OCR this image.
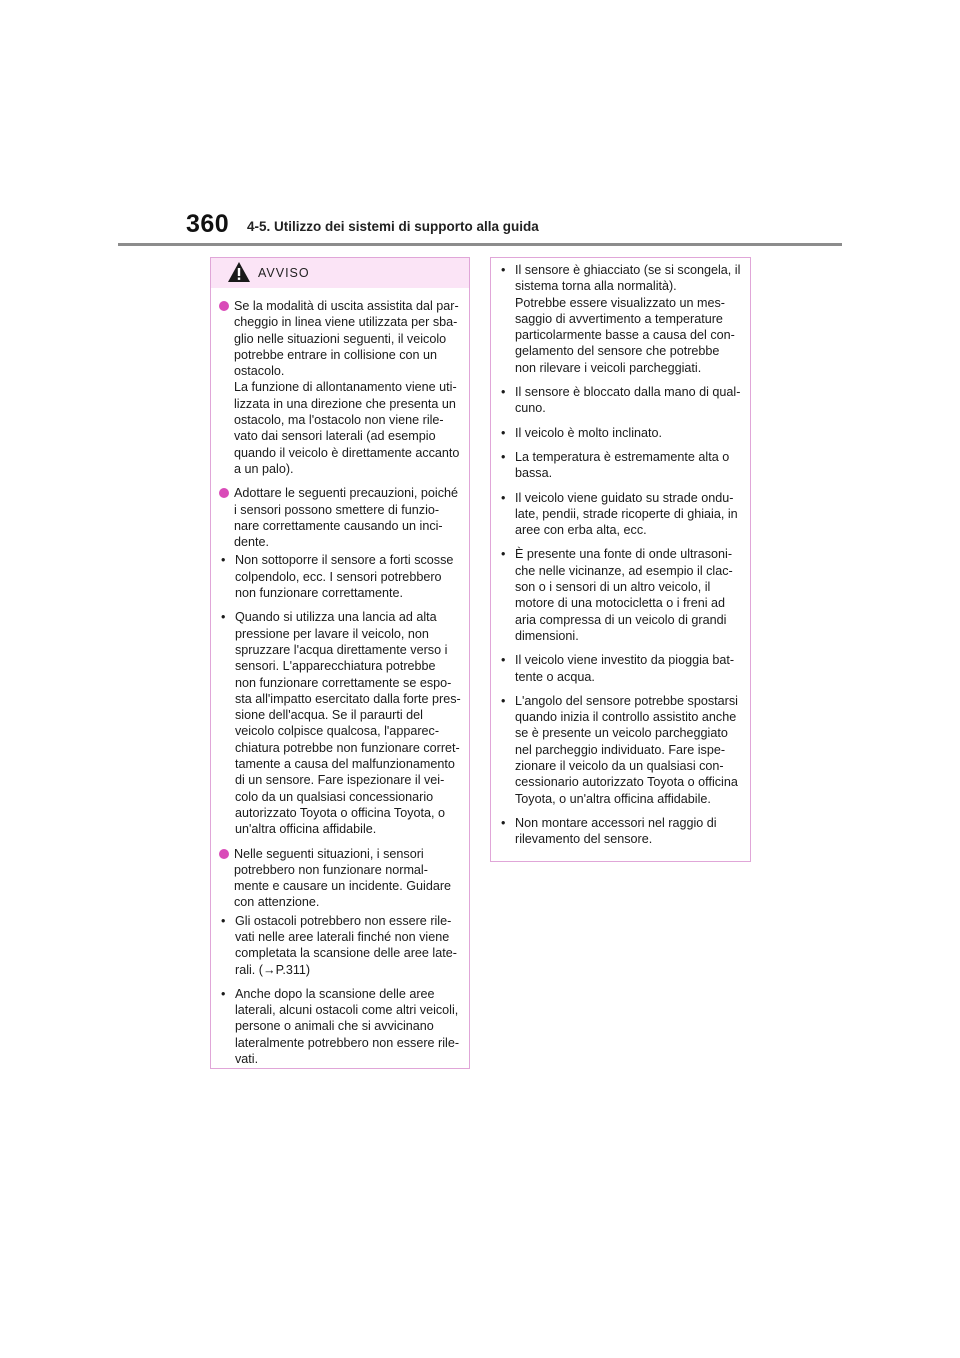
360 4-5. Utilizzo dei sistemi di supporto alla guida
AVVISO
Se la modalità di uscita assistita dal par-
cheggio in linea viene utilizzata per sba-
glio nelle situazioni seguenti, il veicolo
potrebbe entrare in collisione con un
ostacolo.
La funzione di allontanamento viene uti-
lizzata in una direzione che presenta un
ostacolo, ma l'ostacolo non viene rile-
vato dai sensori laterali (ad esempio
quando il veicolo è direttamente accanto
a un palo).
Adottare le seguenti precauzioni, poiché
i sensori possono smettere di funzio-
nare correttamente causando un inci-
dente.
• Non sottoporre il sensore a forti scosse
colpendolo, ecc. I sensori potrebbero
non funzionare correttamente.
• Quando si utilizza una lancia ad alta
pressione per lavare il veicolo, non
spruzzare l'acqua direttamente verso i
sensori. L'apparecchiatura potrebbe
non funzionare correttamente se espo-
sta all'impatto esercitato dalla forte pres-
sione dell'acqua. Se il paraurti del
veicolo colpisce qualcosa, l'apparec-
chiatura potrebbe non funzionare corret-
tamente a causa del malfunzionamento
di un sensore. Fare ispezionare il vei-
colo da un qualsiasi concessionario
autorizzato Toyota o officina Toyota, o
un'altra officina affidabile.
Nelle seguenti situazioni, i sensori
potrebbero non funzionare normal-
mente e causare un incidente. Guidare
con attenzione.
• Gli ostacoli potrebbero non essere rile-
vati nelle aree laterali finché non viene
completata la scansione delle aree late-
rali. (→P.311)
• Anche dopo la scansione delle aree
laterali, alcuni ostacoli come altri veicoli,
persone o animali che si avvicinano
lateralmente potrebbero non essere rile-
vati.
• Il sensore è ghiacciato (se si scongela, il
sistema torna alla normalità).
Potrebbe essere visualizzato un mes-
saggio di avvertimento a temperature
particolarmente basse a causa del con-
gelamento del sensore che potrebbe
non rilevare i veicoli parcheggiati.
• Il sensore è bloccato dalla mano di qual-
cuno.
• Il veicolo è molto inclinato.
• La temperatura è estremamente alta o
bassa.
• Il veicolo viene guidato su strade ondu-
late, pendii, strade ricoperte di ghiaia, in
aree con erba alta, ecc.
• È presente una fonte di onde ultrasoni-
che nelle vicinanze, ad esempio il clac-
son o i sensori di un altro veicolo, il
motore di una motocicletta o i freni ad
aria compressa di un veicolo di grandi
dimensioni.
• Il veicolo viene investito da pioggia bat-
tente o acqua.
• L'angolo del sensore potrebbe spostarsi
quando inizia il controllo assistito anche
se è presente un veicolo parcheggiato
nel parcheggio individuato. Fare ispe-
zionare il veicolo da un qualsiasi con-
cessionario autorizzato Toyota o officina
Toyota, o un'altra officina affidabile.
• Non montare accessori nel raggio di
rilevamento del sensore.
